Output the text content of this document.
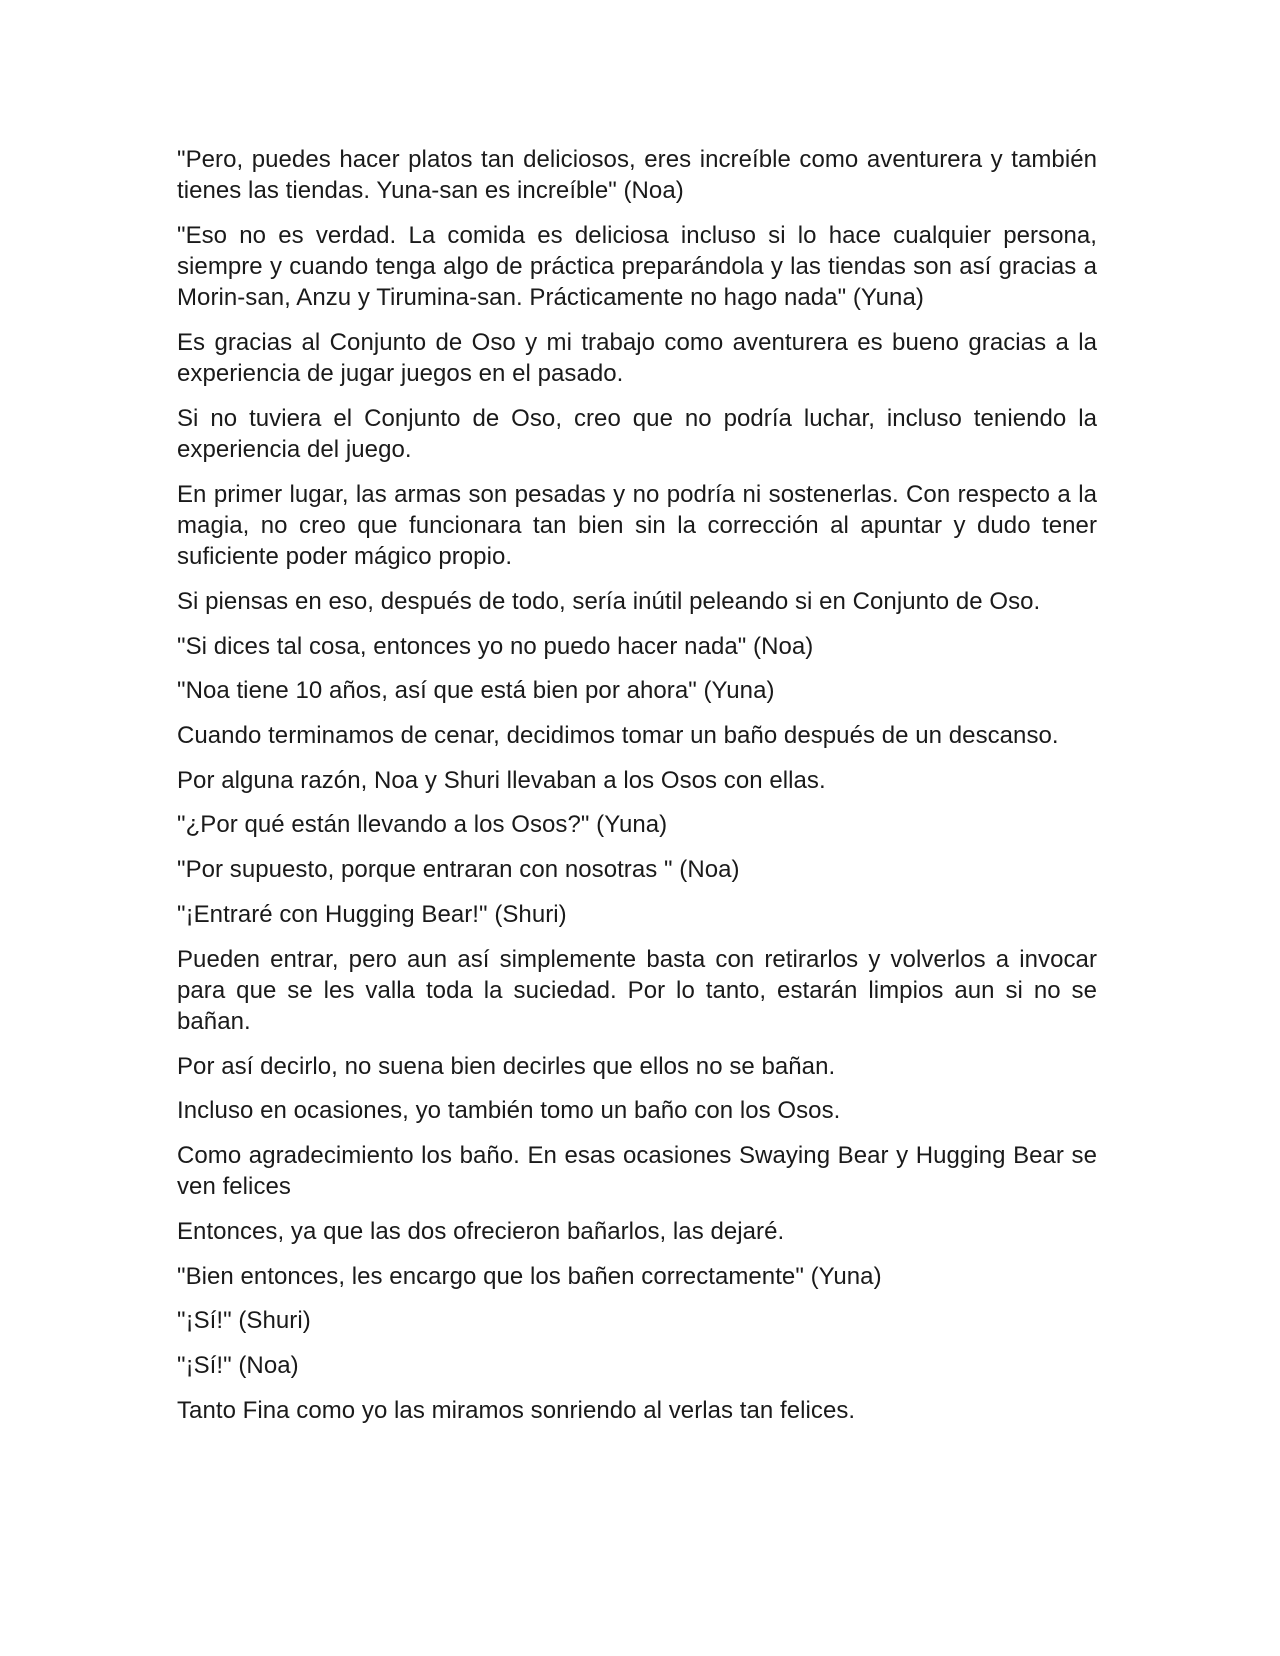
"Pero, puedes hacer platos tan deliciosos, eres increíble como aventurera y también tienes las tiendas. Yuna-san es increíble" (Noa)

"Eso no es verdad. La comida es deliciosa incluso si lo hace cualquier persona, siempre y cuando tenga algo de práctica preparándola y las tiendas son así gracias a Morin-san, Anzu y Tirumina-san. Prácticamente no hago nada" (Yuna)

Es gracias al Conjunto de Oso y mi trabajo como aventurera es bueno gracias a la experiencia de jugar juegos en el pasado.

Si no tuviera el Conjunto de Oso, creo que no podría luchar, incluso teniendo la experiencia del juego.

En primer lugar, las armas son pesadas y no podría ni sostenerlas. Con respecto a la magia, no creo que funcionara tan bien sin la corrección al apuntar y dudo tener suficiente poder mágico propio.

Si piensas en eso, después de todo, sería inútil peleando si en Conjunto de Oso.

"Si dices tal cosa, entonces yo no puedo hacer nada" (Noa)

"Noa tiene 10 años, así que está bien por ahora" (Yuna)

Cuando terminamos de cenar, decidimos tomar un baño después de un descanso.

Por alguna razón, Noa y Shuri llevaban a los Osos con ellas.

"¿Por qué están llevando a los Osos?" (Yuna)

"Por supuesto, porque entraran con nosotras " (Noa)

"¡Entraré con Hugging Bear!" (Shuri)

Pueden entrar, pero aun así simplemente basta con retirarlos y volverlos a invocar para que se les valla toda la suciedad. Por lo tanto, estarán limpios aun si no se bañan.

Por así decirlo, no suena bien decirles que ellos no se bañan.

Incluso en ocasiones, yo también tomo un baño con los Osos.

Como agradecimiento los baño. En esas ocasiones Swaying Bear y Hugging Bear se ven felices

Entonces, ya que las dos ofrecieron bañarlos, las dejaré.

"Bien entonces, les encargo que los bañen correctamente" (Yuna)

"¡Sí!" (Shuri)

"¡Sí!" (Noa)

Tanto Fina como yo las miramos sonriendo al verlas tan felices.
